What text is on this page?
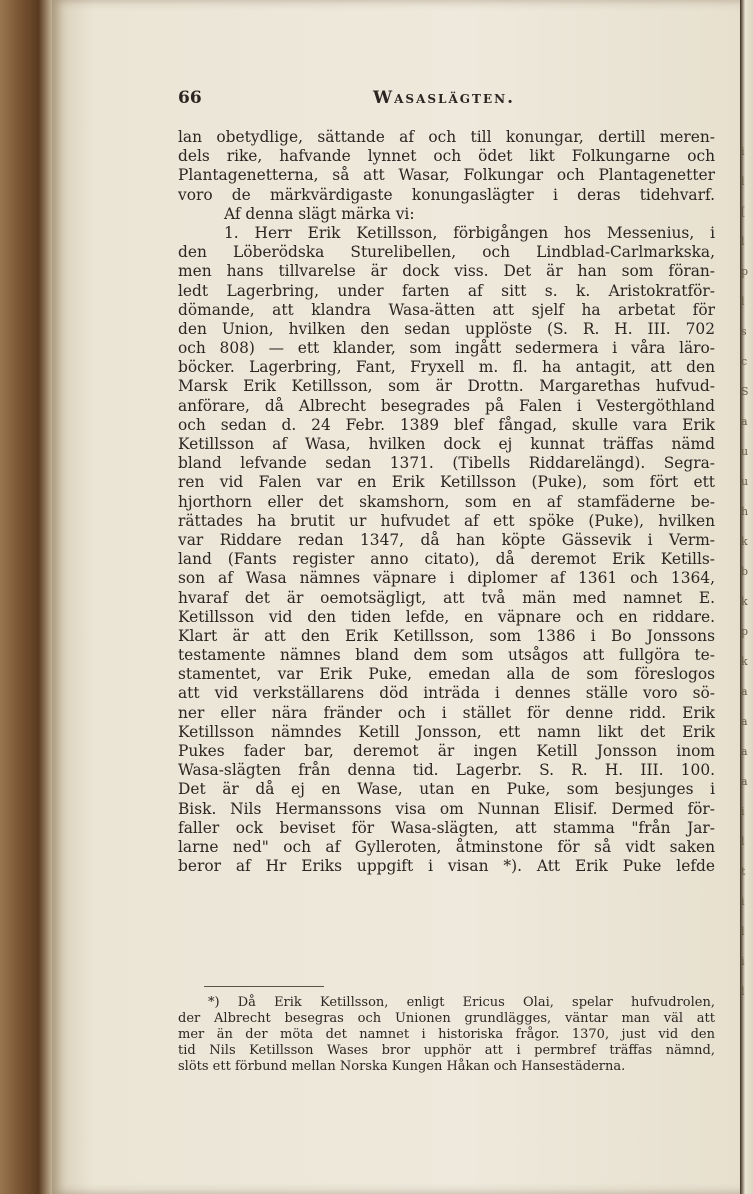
i
l
[
l
p
l
s
c
S
a
u
u
h
k
b
k
p
k
a
a
a
a
i
l
t
i
l
i
l
66	Wasaslägten.
lan obetydlige, sättande af och till konungar, dertill meren-
dels rike, hafvande lynnet och ödet likt Folkungarne och
Plantagenetterna, så att Wasar, Folkungar och Plantagenetter
voro de märkvärdigaste konungaslägter i deras tidehvarf.
Af denna slägt märka vi:
1. Herr Erik Ketillsson, förbigången hos Messenius, i
den Löberödska Sturelibellen, och Lindblad-Carlmarkska,
men hans tillvarelse är dock viss. Det är han som föran-
ledt Lagerbring, under farten af sitt s. k. Aristokratför-
dömande, att klandra Wasa-ätten att sjelf ha arbetat för
den Union, hvilken den sedan upplöste (S. R. H. III. 702
och 808) — ett klander, som ingått sedermera i våra läro-
böcker. Lagerbring, Fant, Fryxell m. fl. ha antagit, att den
Marsk Erik Ketillsson, som är Drottn. Margarethas hufvud-
anförare, då Albrecht besegrades på Falen i Vestergöthland
och sedan d. 24 Febr. 1389 blef fångad, skulle vara Erik
Ketillsson af Wasa, hvilken dock ej kunnat träffas nämd
bland lefvande sedan 1371. (Tibells Riddarelängd). Segra-
ren vid Falen var en Erik Ketillsson (Puke), som fört ett
hjorthorn eller det skamshorn, som en af stamfäderne be-
rättades ha brutit ur hufvudet af ett spöke (Puke), hvilken
var Riddare redan 1347, då han köpte Gässevik i Verm-
land (Fants register anno citato), då deremot Erik Ketills-
son af Wasa nämnes väpnare i diplomer af 1361 och 1364,
hvaraf det är oemotsägligt, att två män med namnet E.
Ketillsson vid den tiden lefde, en väpnare och en riddare.
Klart är att den Erik Ketillsson, som 1386 i Bo Jonssons
testamente nämnes bland dem som utsågos att fullgöra te-
stamentet, var Erik Puke, emedan alla de som föreslogos
att vid verkställarens död inträda i dennes ställe voro sö-
ner eller nära fränder och i stället för denne ridd. Erik
Ketillsson nämndes Ketill Jonsson, ett namn likt det Erik
Pukes fader bar, deremot är ingen Ketill Jonsson inom
Wasa-slägten från denna tid. Lagerbr. S. R. H. III. 100.
Det är då ej en Wase, utan en Puke, som besjunges i
Bisk. Nils Hermanssons visa om Nunnan Elisif. Dermed för-
faller ock beviset för Wasa-slägten, att stamma "från Jar-
larne ned" och af Gylleroten, åtminstone för så vidt saken
beror af Hr Eriks uppgift i visan *). Att Erik Puke lefde
*) Då Erik Ketillsson, enligt Ericus Olai, spelar hufvudrolen,
der Albrecht besegras och Unionen grundlägges, väntar man väl att
mer än der möta det namnet i historiska frågor. 1370, just vid den
tid Nils Ketillsson Wases bror upphör att i permbref träffas nämnd,
slöts ett förbund mellan Norska Kungen Håkan och Hansestäderna.
